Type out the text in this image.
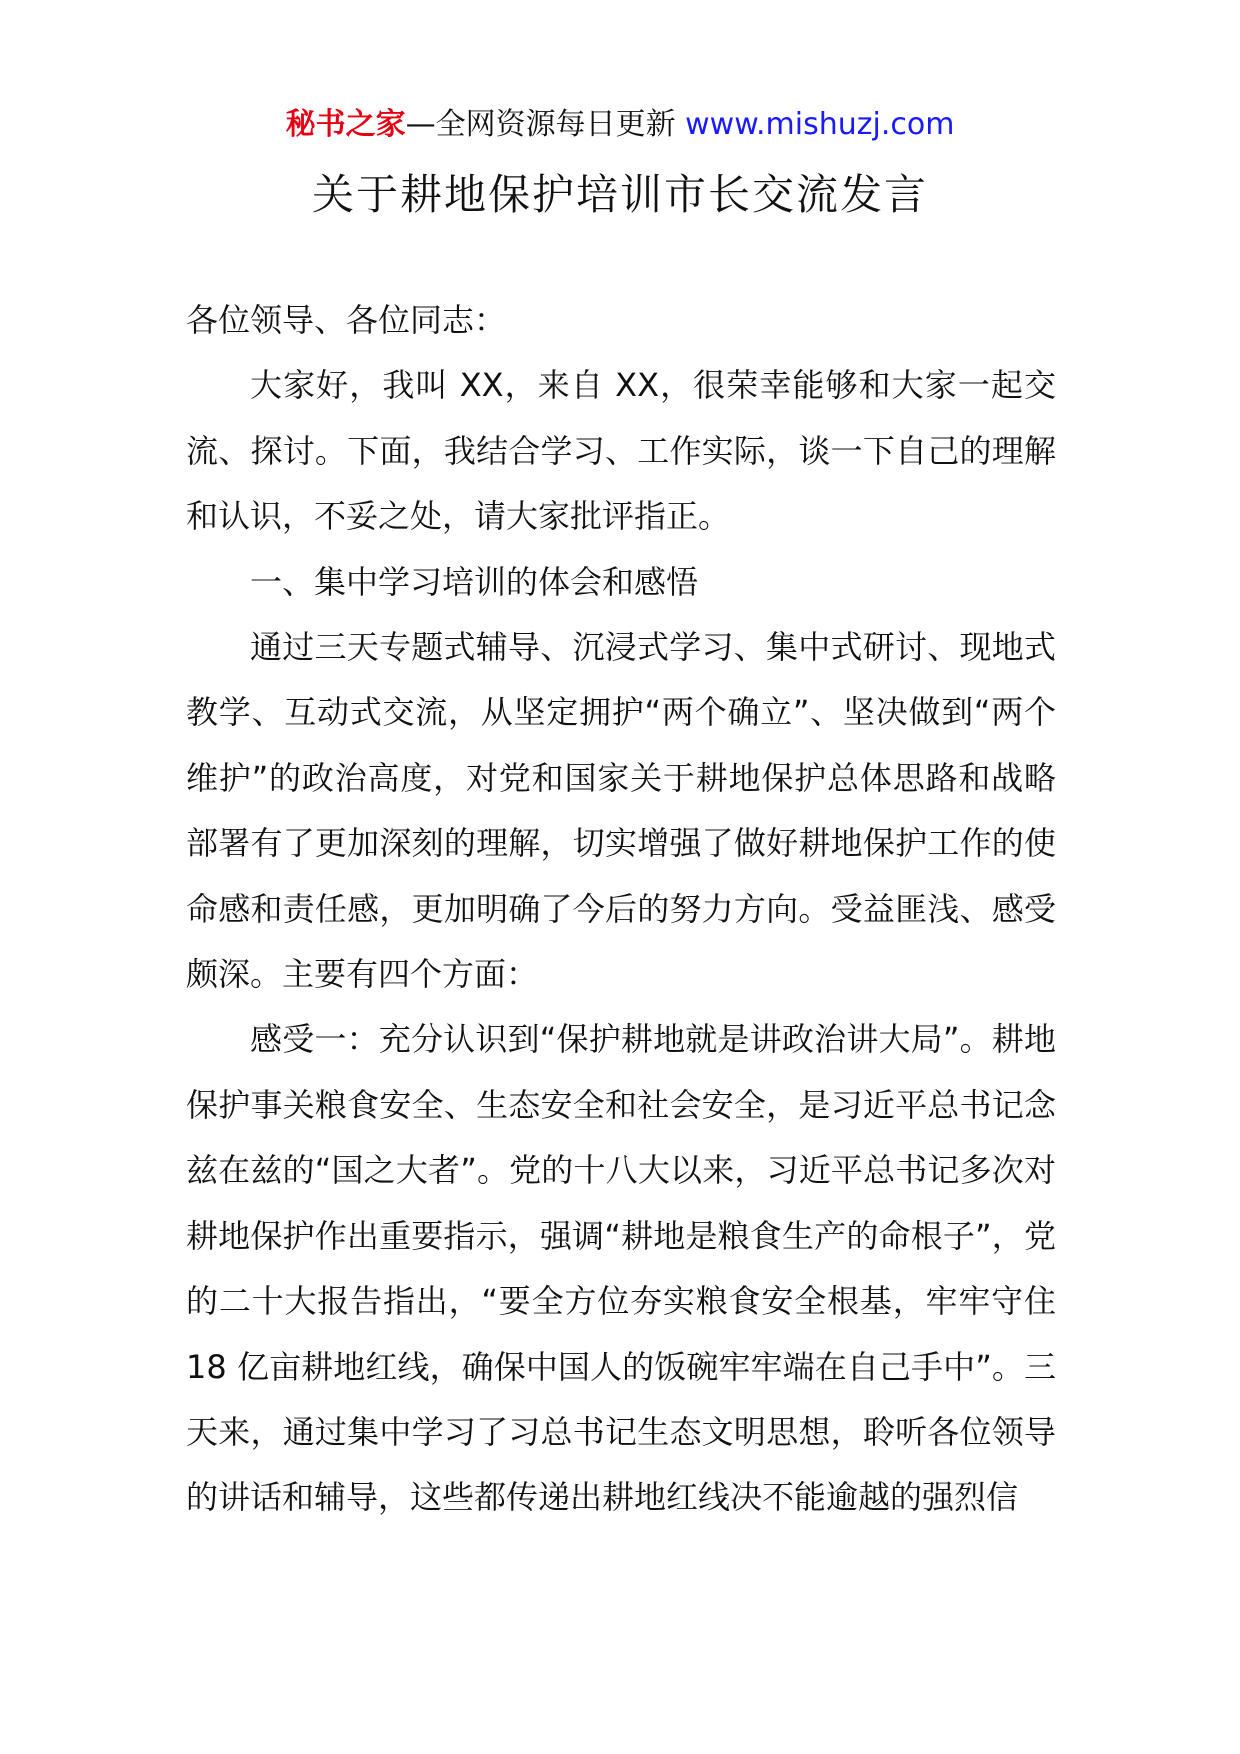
秘书之家—全网资源每日更新 www.mishuzj.com
关于耕地保护培训市长交流发言

各位领导、各位同志：

大家好，我叫 XX，来自 XX，很荣幸能够和大家一起交流、探讨。下面，我结合学习、工作实际，谈一下自己的理解和认识，不妥之处，请大家批评指正。

一、集中学习培训的体会和感悟

通过三天专题式辅导、沉浸式学习、集中式研讨、现地式教学、互动式交流，从坚定拥护“两个确立”、坚决做到“两个维护”的政治高度，对党和国家关于耕地保护总体思路和战略部署有了更加深刻的理解，切实增强了做好耕地保护工作的使命感和责任感，更加明确了今后的努力方向。受益匪浅、感受颇深。主要有四个方面：

感受一：充分认识到“保护耕地就是讲政治讲大局”。耕地保护事关粮食安全、生态安全和社会安全，是习近平总书记念兹在兹的“国之大者”。党的十八大以来，习近平总书记多次对耕地保护作出重要指示，强调“耕地是粮食生产的命根子”，党的二十大报告指出，“要全方位夯实粮食安全根基，牢牢守住 18 亿亩耕地红线，确保中国人的饭碗牢牢端在自己手中”。三天来，通过集中学习了习总书记生态文明思想，聆听各位领导的讲话和辅导，这些都传递出耕地红线决不能逾越的强烈信
